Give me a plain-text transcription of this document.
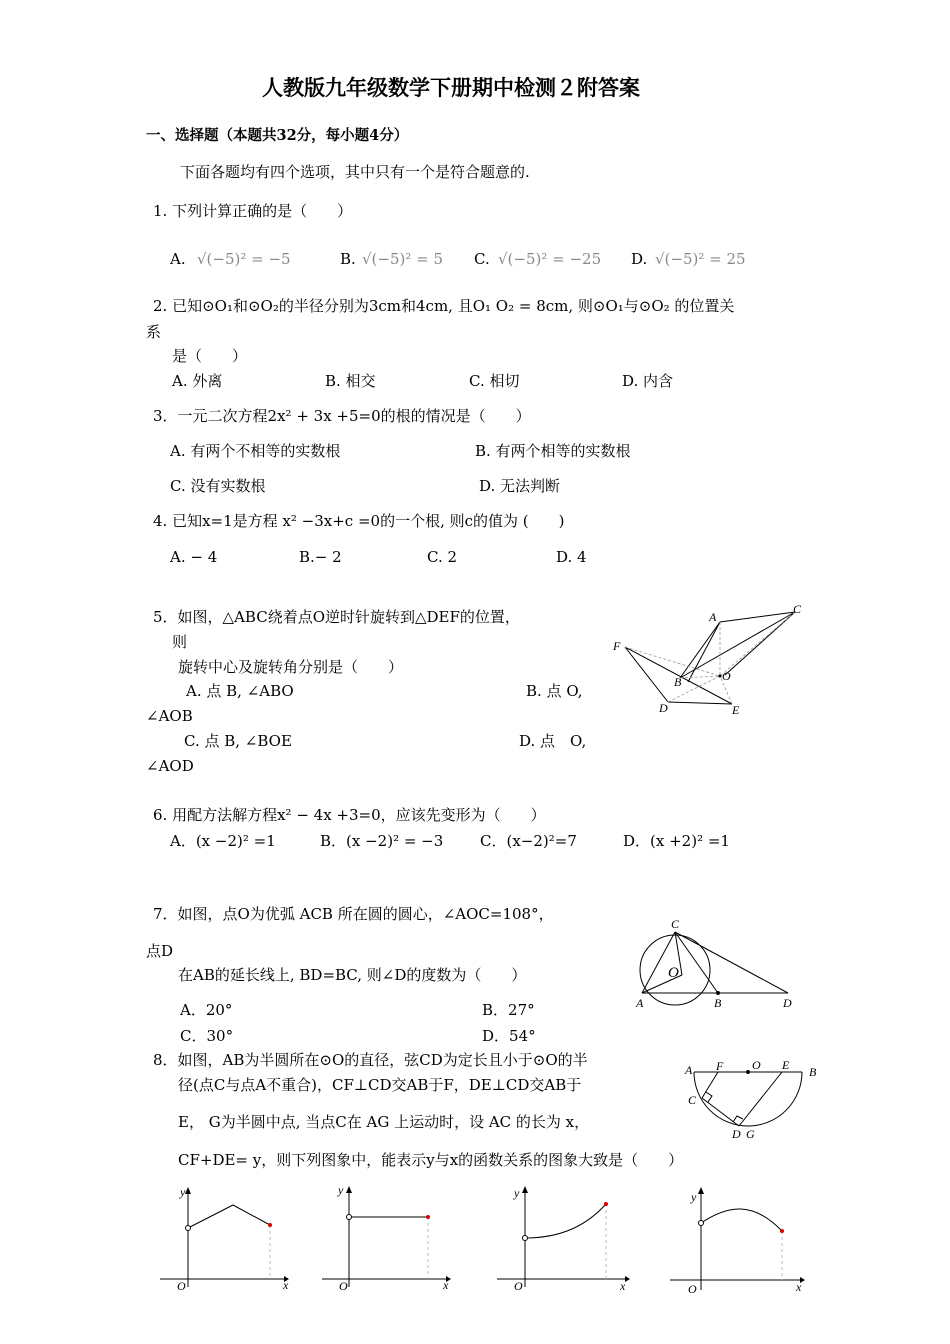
人教版九年级数学下册期中检测２附答案
一、选择题（本题共32分，每小题4分）
下面各题均有四个选项，其中只有一个是符合题意的.
1. 下列计算正确的是（　　）
A. √(−5)² = −5	B. √(−5)² = 5 C. √(−5)² = −25 D. √(−5)² = 25
2. 已知⊙O₁和⊙O₂的半径分别为3cm和4cm, 且O₁ O₂ = 8cm, 则⊙O₁与⊙O₂ 的位置关
系
是（　　）
A. 外离	B. 相交	C. 相切	D. 内含
3．一元二次方程2x² + 3x +5=0的根的情况是（　　）
A. 有两个不相等的实数根	B. 有两个相等的实数根
C. 没有实数根	D. 无法判断
4. 已知x=1是方程 x² −3x+c =0的一个根, 则c的值为 (　　)
A. − 4	B.− 2	C. 2	D. 4
5．如图，△ABC绕着点O逆时针旋转到△DEF的位置，
则
旋转中心及旋转角分别是（　　）
A. 点 B, ∠ABO	B. 点 O,
∠AOB
C. 点 B, ∠BOE	D. 点　O,
∠AOD
A
C
F
B	O
D	E
6. 用配方法解方程x² − 4x +3=0，应该先变形为（　　）
A．(x −2)² =1	B．(x −2)² = −3 C．(x−2)²=7	D．(x +2)² =1
7．如图，点O为优弧 ACB 所在圆的圆心，∠AOC=108°，
点D
在AB的延长线上, BD=BC, 则∠D的度数为（　　）
A．20°	B．27°
C．30°	D．54°
C
O
A	B	D
8．如图，AB为半圆所在⊙O的直径，弦CD为定长且小于⊙O的半
径(点C与点A不重合)，CF⊥CD交AB于F，DE⊥CD交AB于
E， G为半圆中点, 当点C在 AG 上运动时，设 AC 的长为 x，
CF+DE= y，则下列图象中，能表示y与x的函数关系的图象大致是（　　）
A F O E B
C
D G
y
x
O
y
x
O
y
x
O
y
x
O
